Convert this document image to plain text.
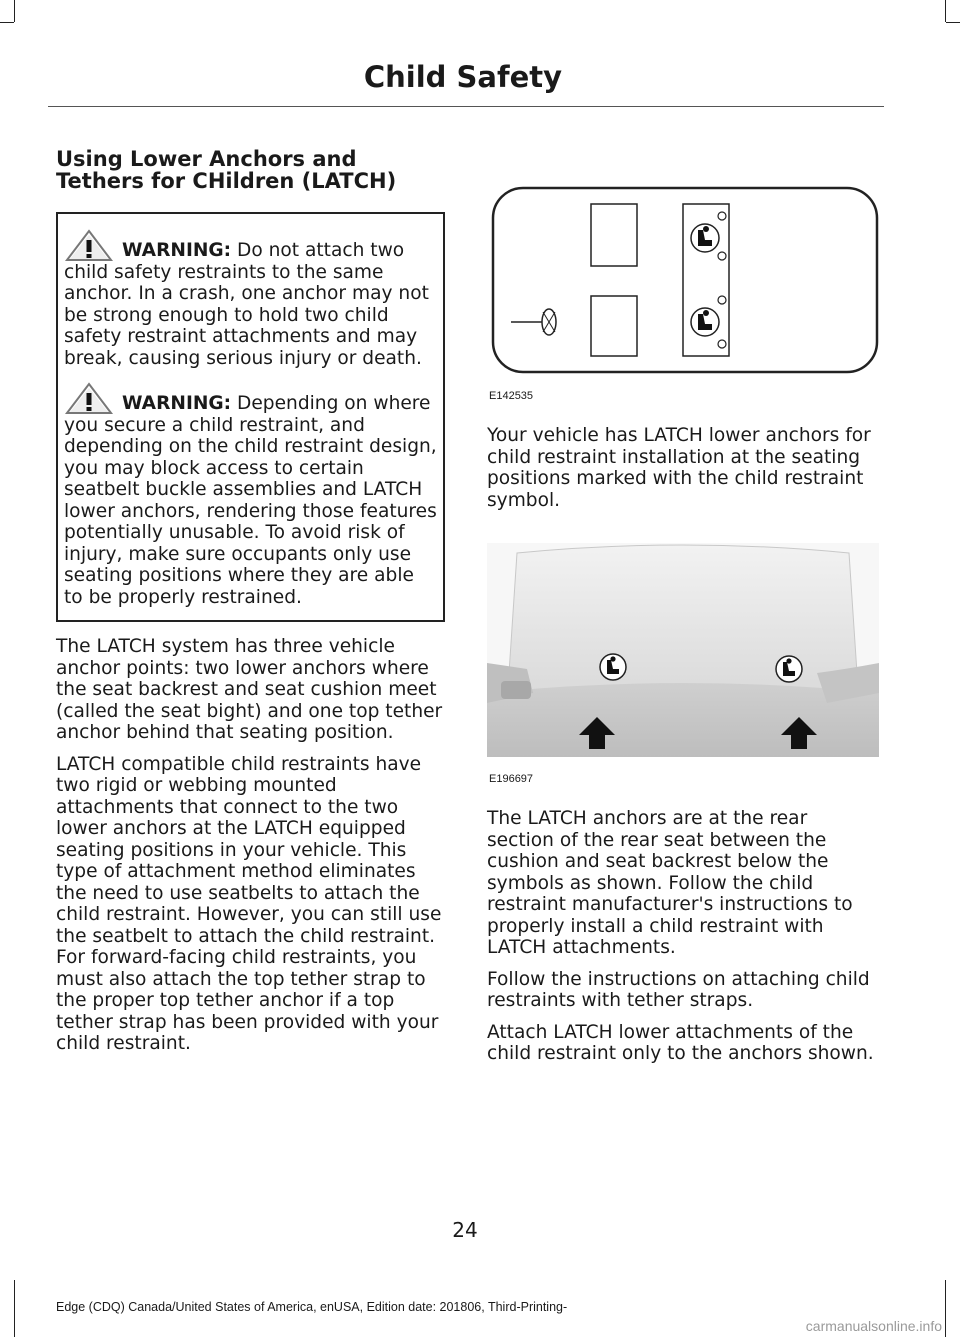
Child Safety
Using Lower Anchors and Tethers for CHildren (LATCH)
WARNING: Do not attach two child safety restraints to the same anchor. In a crash, one anchor may not be strong enough to hold two child safety restraint attachments and may break, causing serious injury or death.
WARNING: Depending on where you secure a child restraint, and depending on the child restraint design, you may block access to certain seatbelt buckle assemblies and LATCH lower anchors, rendering those features potentially unusable. To avoid risk of injury, make sure occupants only use seating positions where they are able to be properly restrained.

The LATCH system has three vehicle anchor points: two lower anchors where the seat backrest and seat cushion meet (called the seat bight) and one top tether anchor behind that seating position.

LATCH compatible child restraints have two rigid or webbing mounted attachments that connect to the two lower anchors at the LATCH equipped seating positions in your vehicle. This type of attachment method eliminates the need to use seatbelts to attach the child restraint. However, you can still use the seatbelt to attach the child restraint. For forward-facing child restraints, you must also attach the top tether strap to the proper top tether anchor if a top tether strap has been provided with your child restraint.

E142535

Your vehicle has LATCH lower anchors for child restraint installation at the seating positions marked with the child restraint symbol.

E196697

The LATCH anchors are at the rear section of the rear seat between the cushion and seat backrest below the symbols as shown. Follow the child restraint manufacturer's instructions to properly install a child restraint with LATCH attachments.

Follow the instructions on attaching child restraints with tether straps.

Attach LATCH lower attachments of the child restraint only to the anchors shown.

24
Edge (CDQ) Canada/United States of America, enUSA, Edition date: 201806, Third-Printing-
carmanualsonline.info
